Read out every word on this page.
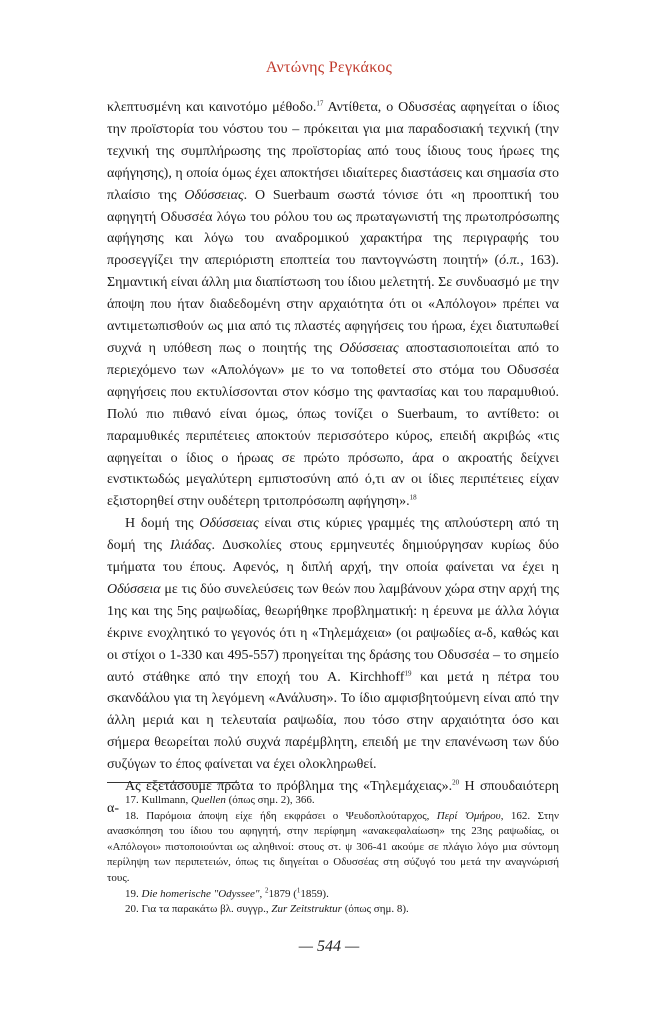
Αντώνης Ρεγκάκος

κλεπτυσμένη και καινοτόμο μέθοδο.$^{17}$ Αντίθετα, ο Οδυσσέας αφηγείται ο ίδιος την προϊστορία του νόστου του – πρόκειται για μια παραδοσιακή τεχνική (την τεχνική της συμπλήρωσης της προϊστορίας από τους ίδιους τους ήρωες της αφήγησης), η οποία όμως έχει αποκτήσει ιδιαίτερες διαστάσεις και σημασία στο πλαίσιο της Οδύσσειας. Ο Suerbaum σωστά τόνισε ότι «η προοπτική του αφηγητή Οδυσσέα λόγω του ρόλου του ως πρωταγωνιστή της πρωτοπρόσωπης αφήγησης και λόγω του αναδρομικού χαρακτήρα της περιγραφής του προσεγγίζει την απεριόριστη εποπτεία του παντογνώστη ποιητή» (ό.π., 163). Σημαντική είναι άλλη μια διαπίστωση του ίδιου μελετητή. Σε συνδυασμό με την άποψη που ήταν διαδεδομένη στην αρχαιότητα ότι οι «Απόλογοι» πρέπει να αντιμετωπισθούν ως μια από τις πλαστές αφηγήσεις του ήρωα, έχει διατυπωθεί συχνά η υπόθεση πως ο ποιητής της Οδύσσειας αποστασιοποιείται από το περιεχόμενο των «Απολόγων» με το να τοποθετεί στο στόμα του Οδυσσέα αφηγήσεις που εκτυλίσσονται στον κόσμο της φαντασίας και του παραμυθιού. Πολύ πιο πιθανό είναι όμως, όπως τονίζει ο Suerbaum, το αντίθετο: οι παραμυθικές περιπέτειες αποκτούν περισσότερο κύρος, επειδή ακριβώς «τις αφηγείται ο ίδιος ο ήρωας σε πρώτο πρόσωπο, άρα ο ακροατής δείχνει ενστικτωδώς μεγαλύτερη εμπιστοσύνη από ό,τι αν οι ίδιες περιπέτειες είχαν εξιστορηθεί στην ουδέτερη τριτοπρόσωπη αφήγηση».$^{18}$

Η δομή της Οδύσσειας είναι στις κύριες γραμμές της απλούστερη από τη δομή της Ιλιάδας. Δυσκολίες στους ερμηνευτές δημιούργησαν κυρίως δύο τμήματα του έπους. Αφενός, η διπλή αρχή, την οποία φαίνεται να έχει η Οδύσσεια με τις δύο συνελεύσεις των θεών που λαμβάνουν χώρα στην αρχή της 1ης και της 5ης ραψωδίας, θεωρήθηκε προβληματική: η έρευνα με άλλα λόγια έκρινε ενοχλητικό το γεγονός ότι η «Τηλεμάχεια» (οι ραψωδίες α-δ, καθώς και οι στίχοι ο 1-330 και 495-557) προηγείται της δράσης του Οδυσσέα – το σημείο αυτό στάθηκε από την εποχή του A. Kirchhoff$^{19}$ και μετά η πέτρα του σκανδάλου για τη λεγόμενη «Ανάλυση». Το ίδιο αμφισβητούμενη είναι από την άλλη μεριά και η τελευταία ραψωδία, που τόσο στην αρχαιότητα όσο και σήμερα θεωρείται πολύ συχνά παρέμβλητη, επειδή με την επανένωση των δύο συζύγων το έπος φαίνεται να έχει ολοκληρωθεί.

Ας εξετάσουμε πρώτα το πρόβλημα της «Τηλεμάχειας».$^{20}$ Η σπουδαιότερη α-

17. Kullmann, Quellen (όπως σημ. 2), 366.

18. Παρόμοια άποψη είχε ήδη εκφράσει ο Ψευδοπλούταρχος, Περί Ὁμήρου, 162. Στην ανασκόπηση του ίδιου του αφηγητή, στην περίφημη «ανακεφαλαίωση» της 23ης ραψωδίας, οι «Απόλογοι» πιστοποιούνται ως αληθινοί: στους στ. ψ 306-41 ακούμε σε πλάγιο λόγο μια σύντομη περίληψη των περιπετειών, όπως τις διηγείται ο Οδυσσέας στη σύζυγό του μετά την αναγνώρισή τους.

19. Die homerische "Odyssee", $^2$1879 ($^1$1859).

20. Για τα παρακάτω βλ. συγγρ., Zur Zeitstruktur (όπως σημ. 8).

— 544 —
